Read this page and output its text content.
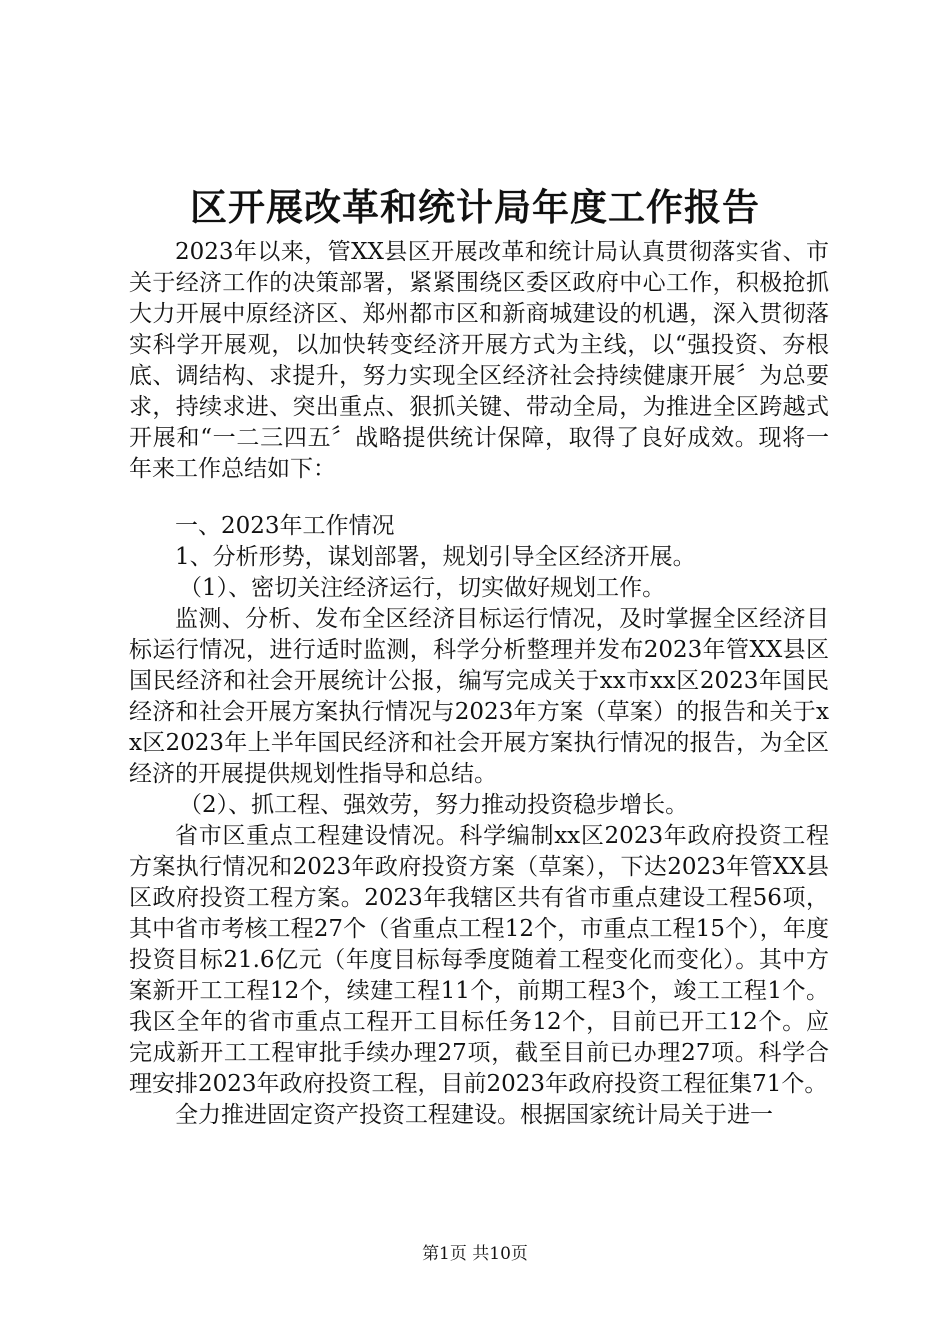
区开展改革和统计局年度工作报告

2023年以来，管XX县区开展改革和统计局认真贯彻落实省、市关于经济工作的决策部署，紧紧围绕区委区政府中心工作，积极抢抓大力开展中原经济区、郑州都市区和新商城建设的机遇，深入贯彻落实科学开展观，以加快转变经济开展方式为主线，以“强投资、夯根底、调结构、求提升，努力实现全区经济社会持续健康开展〞为总要求，持续求进、突出重点、狠抓关键、带动全局，为推进全区跨越式开展和“一二三四五〞战略提供统计保障，取得了良好成效。现将一年来工作总结如下：

一、2023年工作情况

1、分析形势，谋划部署，规划引导全区经济开展。

（1）、密切关注经济运行，切实做好规划工作。

监测、分析、发布全区经济目标运行情况，及时掌握全区经济目标运行情况，进行适时监测，科学分析整理并发布2023年管XX县区国民经济和社会开展统计公报，编写完成关于xx市xx区2023年国民经济和社会开展方案执行情况与2023年方案（草案）的报告和关于xx区2023年上半年国民经济和社会开展方案执行情况的报告，为全区经济的开展提供规划性指导和总结。

（2）、抓工程、强效劳，努力推动投资稳步增长。

省市区重点工程建设情况。科学编制xx区2023年政府投资工程方案执行情况和2023年政府投资方案（草案），下达2023年管XX县区政府投资工程方案。2023年我辖区共有省市重点建设工程56项，其中省市考核工程27个（省重点工程12个，市重点工程15个），年度投资目标21.6亿元（年度目标每季度随着工程变化而变化）。其中方案新开工工程12个，续建工程11个，前期工程3个，竣工工程1个。我区全年的省市重点工程开工目标任务12个，目前已开工12个。应完成新开工工程审批手续办理27项，截至目前已办理27项。科学合理安排2023年政府投资工程，目前2023年政府投资工程征集71个。

全力推进固定资产投资工程建设。根据国家统计局关于进一

第1页 共10页
